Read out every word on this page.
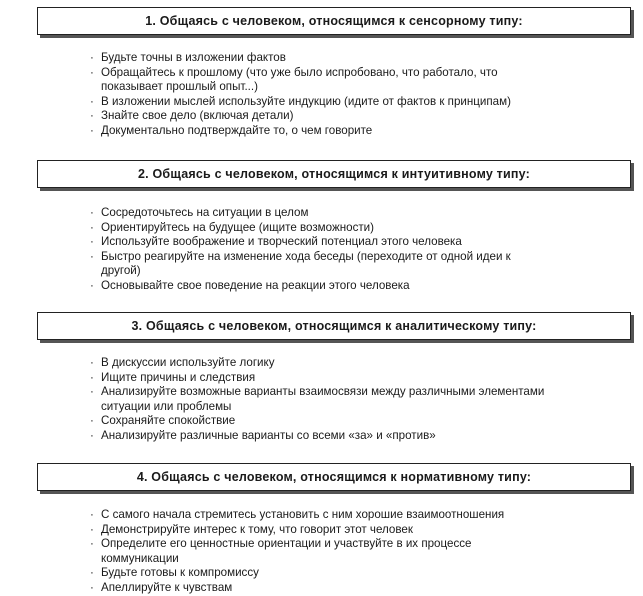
1. Общаясь с человеком, относящимся к сенсорному типу:
· Будьте точны в изложении фактов
· Обращайтесь к прошлому (что уже было испробовано, что работало, что показывает прошлый опыт...)
· В изложении мыслей используйте индукцию (идите от фактов к принципам)
· Знайте свое дело (включая детали)
· Документально подтверждайте то, о чем говорите
2. Общаясь с человеком, относящимся к интуитивному типу:
· Сосредоточьтесь на ситуации в целом
· Ориентируйтесь на будущее (ищите возможности)
· Используйте воображение и творческий потенциал этого человека
· Быстро реагируйте на изменение хода беседы (переходите от одной идеи к другой)
· Основывайте свое поведение на реакции этого человека
3. Общаясь с человеком, относящимся к аналитическому типу:
· В дискуссии используйте логику
· Ищите причины и следствия
· Анализируйте возможные варианты взаимосвязи между различными элементами ситуации или проблемы
· Сохраняйте спокойствие
· Анализируйте различные варианты со всеми «за» и «против»
4. Общаясь с человеком, относящимся к нормативному типу:
· С самого начала стремитесь установить с ним хорошие взаимоотношения
· Демонстрируйте интерес к тому, что говорит этот человек
· Определите его ценностные ориентации и участвуйте в их процессе коммуникации
· Будьте готовы к компромиссу
· Апеллируйте к чувствам
